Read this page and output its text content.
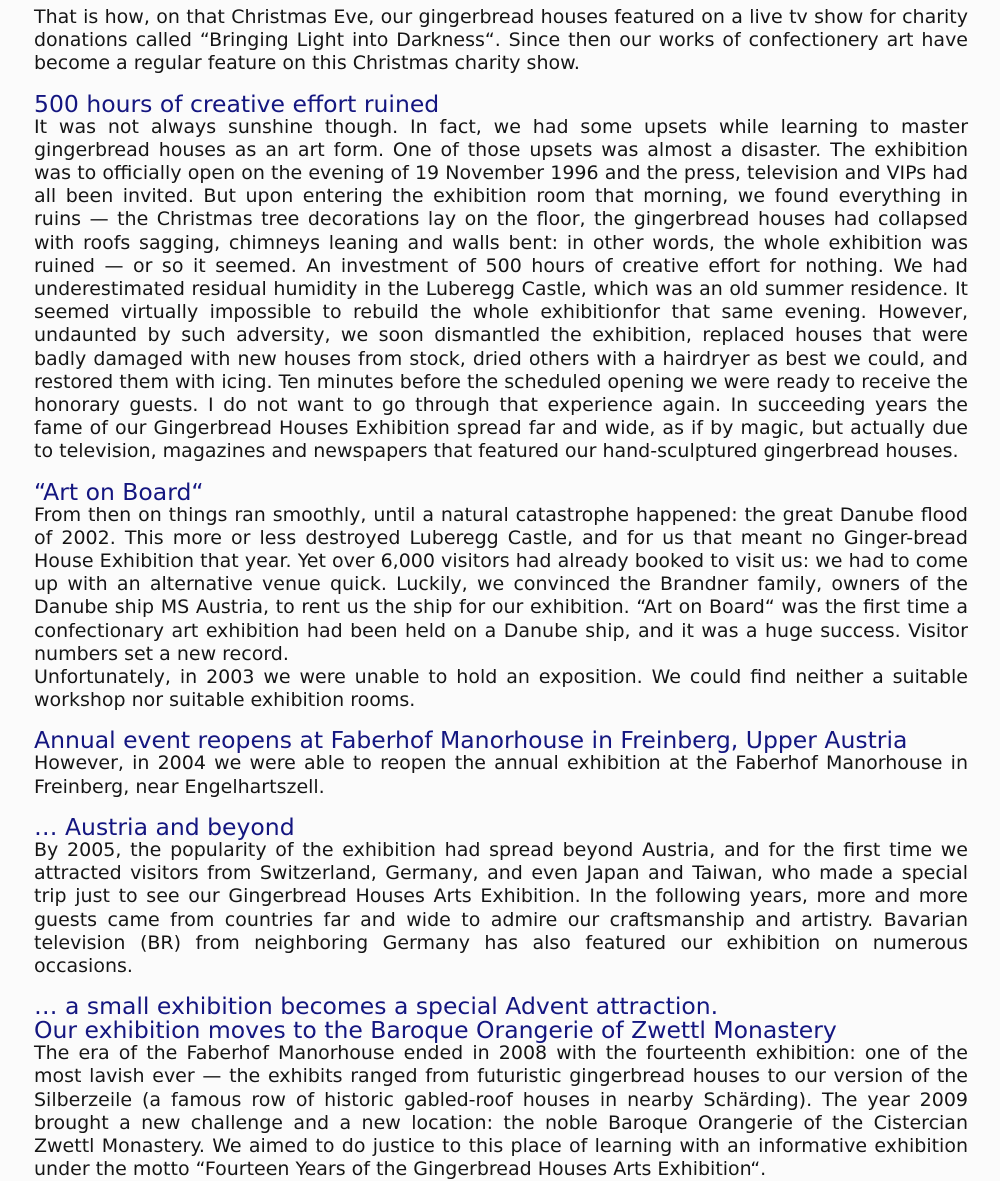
That is how, on that Christmas Eve, our gingerbread houses featured on a live tv show for charity donations called “Bringing Light into Darkness“. Since then our works of confectionery art have become a regular feature on this Christmas charity show.

500 hours of creative effort ruined

It was not always sunshine though. In fact, we had some upsets while learning to master gingerbread houses as an art form. One of those upsets was almost a disaster. The exhibition was to officially open on the evening of 19 November 1996 and the press, television and VIPs had all been invited. But upon entering the exhibition room that morning, we found everything in ruins — the Christmas tree decorations lay on the floor, the gingerbread houses had collapsed with roofs sagging, chimneys leaning and walls bent: in other words, the whole exhibition was ruined — or so it seemed. An investment of 500 hours of creative effort for nothing. We had underestimated residual humidity in the Luberegg Castle, which was an old summer residence. It seemed virtually impossible to rebuild the whole exhibitionfor that same evening. However, undaunted by such adversity, we soon dismantled the exhibition, replaced houses that were badly damaged with new houses from stock, dried others with a hairdryer as best we could, and restored them with icing. Ten minutes before the scheduled opening we were ready to receive the honorary guests. I do not want to go through that experience again. In succeeding years the fame of our Gingerbread Houses Exhibition spread far and wide, as if by magic, but actually due to television, magazines and newspapers that featured our hand-sculptured gingerbread houses.

“Art on Board“

From then on things ran smoothly, until a natural catastrophe happened: the great Danube flood of 2002. This more or less destroyed Luberegg Castle, and for us that meant no Ginger-bread House Exhibition that year. Yet over 6,000 visitors had already booked to visit us: we had to come up with an alternative venue quick. Luckily, we convinced the Brandner family, owners of the Danube ship MS Austria, to rent us the ship for our exhibition. “Art on Board“ was the first time a confectionary art exhibition had been held on a Danube ship, and it was a huge success. Visitor numbers set a new record.

Unfortunately, in 2003 we were unable to hold an exposition. We could find neither a suitable workshop nor suitable exhibition rooms.

Annual event reopens at Faberhof Manorhouse in Freinberg, Upper Austria

However, in 2004 we were able to reopen the annual exhibition at the Faberhof Manorhouse in Freinberg, near Engelhartszell.

… Austria and beyond

By 2005, the popularity of the exhibition had spread beyond Austria, and for the first time we attracted visitors from Switzerland, Germany, and even Japan and Taiwan, who made a special trip just to see our Gingerbread Houses Arts Exhibition. In the following years, more and more guests came from countries far and wide to admire our craftsmanship and artistry. Bavarian television (BR) from neighboring Germany has also featured our exhibition on numerous occasions.

… a small exhibition becomes a special Advent attraction.
Our exhibition moves to the Baroque Orangerie of Zwettl Monastery

The era of the Faberhof Manorhouse ended in 2008 with the fourteenth exhibition: one of the most lavish ever — the exhibits ranged from futuristic gingerbread houses to our version of the Silberzeile (a famous row of historic gabled-roof houses in nearby Schärding). The year 2009 brought a new challenge and a new location: the noble Baroque Orangerie of the Cistercian Zwettl Monastery. We aimed to do justice to this place of learning with an informative exhibition under the motto “Fourteen Years of the Gingerbread Houses Arts Exhibition“.
